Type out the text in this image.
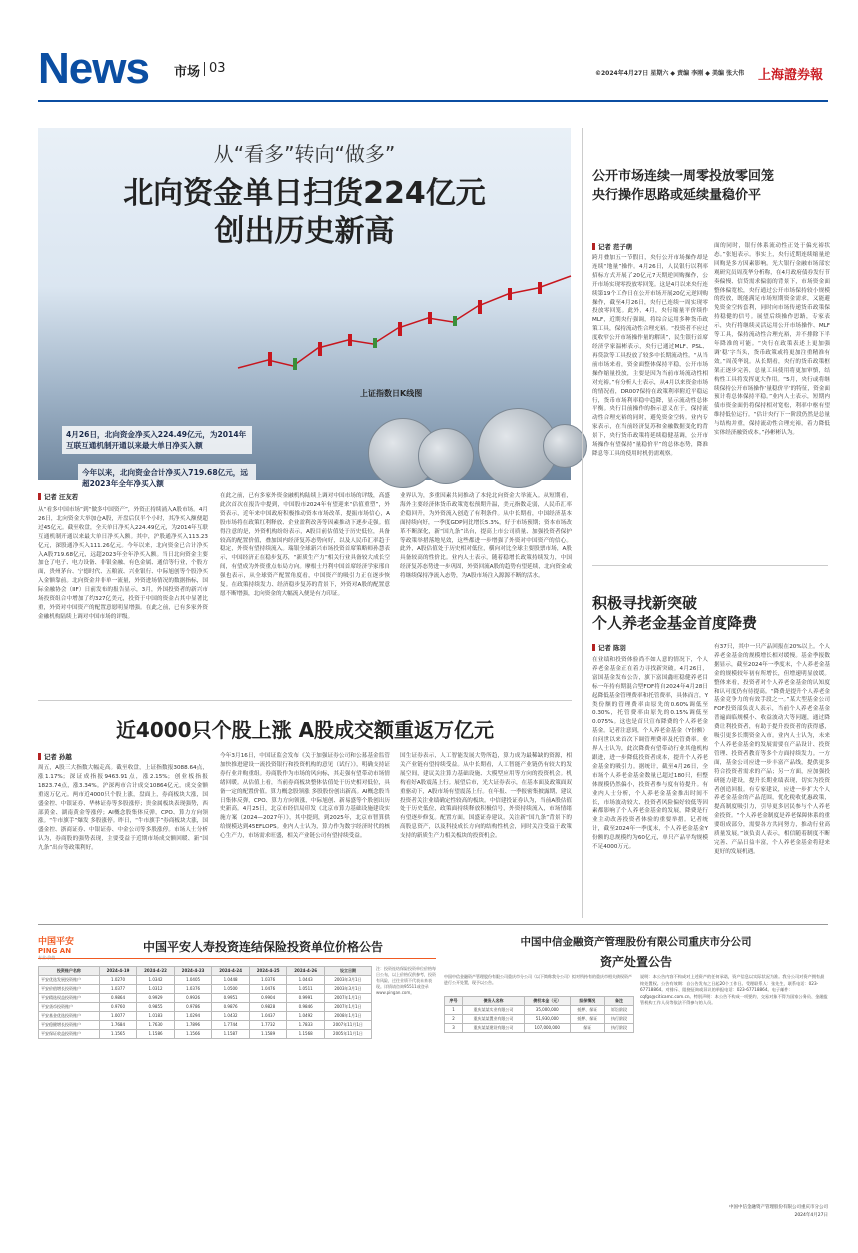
News 市场 03	©2024年4月27日 星期六 ◆ 责编 李刚 ◆ 美编 张大伟 上海證券報
从“看多”转向“做多”
北向资金单日扫货224亿元
创出历史新高
上证指数日K线图
4月26日，北向资金净买入224.49亿元，为2014年互联互通机制开通以来最大单日净买入额
今年以来，北向资金合计净买入719.68亿元，远超2023年全年净买入额
记者 汪友若
从“看多中国市场”到“做多中国资产”，外资正持续涌入A股市场。4月26日，北向资金大举加仓A股，开盘后仅半个小时，其净买入额便超过45亿元。截至收盘，全天单日净买入224.49亿元，为2014年互联互通机制开通以来最大单日净买入额。其中，沪股通净买入113.23亿元，深股通净买入111.26亿元。今年以来，北向资金已合计净买入A股719.68亿元，远超2023年全年净买入额。当日北向资金主要加仓了电子、电力设备、非银金融、有色金属、通信等行业，个股方面，贵州茅台、宁德时代、五粮液、兴业银行、中际旭创等个股净买入金额靠前。北向资金并非单一流量，外资进场情况的数据指标，国际金融协会（IIF）日前发布的报告显示，3月，外国投资者的新兴市场投资组合中增加了约327亿美元，投资于中国的资金占其中显著比重，外资对中国资产的配置意愿明显增强。在此之前，已有多家外资金融机构陆续上调对中国市场的评级。
在此之前，已有多家外资金融机构陆续上调对中国市场的评级，高盛此次首次在报告中提到，中国股市2024年有望迎来“估值重塑”，外资表示，近年来中国政府积极推动资本市场改革，提振市场信心，A股市场将在政策红利释放、企业盈利改善等因素推动下逐步走强。值得注意的是，外资机构纷纷表示，A股目前估值处于历史低位，具备较高的配置价值，叠加国内经济复苏态势向好，以及人民币汇率趋于稳定，外资有望持续流入。瑞银全球新兴市场投资首席策略师孙慧表示，中国经济正在稳步复苏，“新质生产力”相关行业具备较大成长空间，有望成为外资重点布局方向。摩根士丹利中国首席经济学家邢自强也表示，从全球资产配置角度看，中国资产的吸引力正在逐步恢复。在政策持续发力、经济稳步复苏的背景下，外资对A股的配置意愿不断增强，北向资金的大幅流入便是有力印证。
业界认为，多重因素共同推动了本轮北向资金大举流入。从短期看，海外主要经济体货币政策宽松预期升温，美元指数走弱，人民币汇率企稳回升，为外资流入创造了有利条件。从中长期看，中国经济基本面持续向好，一季度GDP同比增长5.3%，好于市场预期；资本市场改革不断深化，新“国九条”出台，提高上市公司质量、加强投资者保护等政策举措落地见效，这些都进一步增强了外资对中国资产的信心。此外，A股估值处于历史相对低位，横向对比全球主要股票市场，A股具备较高的性价比。业内人士表示，随着稳增长政策持续发力，中国经济复苏态势进一步巩固，外资回流A股的趋势有望延续，北向资金或将继续保持净流入态势，为A股市场注入源源不断的活水。
公开市场连续一周零投放零回笼
央行操作思路或延续量稳价平
记者 范子萌
跨月叠加五一节假日，央行公开市场操作却是连续“地量”操作。4月26日，人民银行以利率招标方式开展了20亿元7天期逆回购操作，公开市场实现零投放零回笼。这是4月以来央行连续第19个工作日在公开市场开展20亿元逆回购操作，截至4月26日，央行已连续一周实现零投放零回笼。此外，4月，央行缩量平价续作MLF，近期央行强调，将综合运用多种货币政策工具，保持流动性合理充裕。“投资者不应过度收窄公开市场操作量的解读”，民生银行首席经济学家温彬表示，央行已通过MLF、PSL、再贷款等工具投放了较多中长期流动性。“从当前市场来看，资金面整体保持平稳，公开市场操作缩量投放，主要是因为当前市场流动性相对充裕。”有分析人士表示，从4月以来资金市场的情况看，DR007保持在政策利率附近平稳运行，货币市场利率稳中趋降，显示流动性总体平衡。央行目前操作的指示意义在于，保持流动性合理充裕的同时，避免资金空转。业内专家表示，在当前经济复苏和金融数据变化的背景下，央行货币政策将延续稳健基调，公开市场操作有望保持“量稳价平”的总体态势，降准降息等工具的使用时机仍需观察。
面的同时，银行体系流动性正处于偏充裕状态。”张旭表示。事实上，央行近期连续缩量逆回购是多方因素影响。光大银行金融市场部宏观研究员周茂华分析称，在4月政府债券发行节奏偏慢、信贷需求偏弱的背景下，市场资金面整体偏宽松，央行通过公开市场保持较小规模的投放，既能满足市场短期资金需求，又能避免资金空转套利，同时向市场传递货币政策保持稳健的信号。展望后续操作思路，专家表示，央行将继续灵活运用公开市场操作、MLF等工具，保持流动性合理充裕，并不排除下半年降准的可能。“央行在政策表述上更加强调‘稳’字当头，货币政策或将更加注重精准有效。”周茂华说。从长期看，央行的货币政策框架正逐步完善，总量工具使用将更加审慎，结构性工具将发挥更大作用。“5月，央行或将继续保持公开市场操作‘量稳价平’的特征，资金面预计将总体保持平稳。”业内人士表示，短期内债市资金面仍将保持相对宽松，利率中枢有望维持低位运行。“估计央行下一阶段仍然是总量与结构并重，保持流动性合理充裕，着力降低实体经济融资成本。”孙彬彬认为。
积极寻找新突破
个人养老金基金首度降费
记者 陈羽
在业绩和投资体验尚不如人意的情况下，个人养老金基金正在着力寻找新突破。4月26日，富国基金发布公告，旗下富国鑫旺稳健养老目标一年持有期混合型FOF将自2024年4月28日起降低基金管理费率和托管费率，具体而言，Y类份额的管理费率由原先的0.60%调低至0.30%，托管费率由原先的0.15%调低至0.075%。这也是首只宣布降费的个人养老金基金。记者注意到，个人养老金基金（Y份额）自问世以来首次下调管理费率及托管费率。业界人士认为，此次降费有望带动行业其他机构跟进，进一步降低投资者成本，提升个人养老金基金的吸引力。据统计，截至4月26日，全市场个人养老金基金数量已超过180只，但整体规模仍然偏小，投资者参与度有待提升。有业内人士分析，个人养老金基金推出时间不长，市场波动较大、投资者风险偏好较低等因素都影响了个人养老金基金的发展，降费是行业主动改善投资者体验的重要举措。记者统计，截至2024年一季度末，个人养老金基金Y份额的总规模约为60亿元，单只产品平均规模不足4000万元。
有37只，其中一只产品回报在20%以上。个人养老金基金的规模增长相对缓慢。基金季报数据显示，截至2024年一季度末，个人养老金基金的规模较年初有所增长，但增速明显放缓。整体来看，投资者对个人养老金基金的认知度和认可度仍有待提高。“降费是提升个人养老金基金竞争力的有效手段之一。”某大型基金公司FOF投资部负责人表示，当前个人养老金基金普遍面临规模小、收益波动大等问题，通过降费让利投资者，有助于提升投资者的获得感，吸引更多长期资金入市。业内人士认为，未来个人养老金基金的发展需要在产品设计、投资管理、投资者教育等多个方面持续发力。一方面，基金公司应进一步丰富产品线，提供更多符合投资者需求的产品；另一方面，应加强投研能力建设，提升长期业绩表现，切实为投资者创造回报。有专家建议，应进一步扩大个人养老金基金的产品范围，优化税收优惠政策，提高制度吸引力，引导更多居民参与个人养老金投资。“个人养老金制度是养老保障体系的重要组成部分，需要各方共同努力，推动行业高质量发展。”该负责人表示，相信随着制度不断完善、产品日益丰富，个人养老金基金将迎来更好的发展机遇。
近4000只个股上涨 A股成交额重返万亿元
记者 孙越
周五，A股三大指数大幅走高。截至收盘，上证指数报3088.64点，涨1.17%；深证成指报9463.91点，涨2.15%；创业板指报1823.74点，涨3.34%。沪深两市合计成交10864亿元，成交金额重返万亿元。两市近4000只个股上涨，盘面上，券商板块大涨，国盛金控、中银证券、华林证券等多股涨停；贵金属板块表现强势，西部黄金、湖南黄金等涨停；AI概念股集体反弹，CPO、算力方向领涨。“牛市旗手”爆发 多股涨停。昨日，“牛市旗手”券商板块大涨，国盛金控、浙商证券、中银证券、中金公司等多股涨停。市场人士分析认为，券商股的强势表现，主要受益于近期市场成交额回暖、新“国九条”出台等政策利好。
今年3月16日，中国证监会发布《关于加强证券公司和公募基金监管加快推进建设一流投资银行和投资机构的意见（试行）》，明确支持证券行业并购重组。券商股作为市场的风向标，其走强有望带动市场情绪回暖。从估值上看，当前券商板块整体估值处于历史相对低位，具备一定的配置价值。算力概念股领涨 多股股份创出新高。AI概念股当日集体反弹，CPO、算力方向领涨，中际旭创、新易盛等个股创出历史新高。4月25日，北京市经信局印发《北京市算力基础设施建设实施方案（2024—2027年）》，其中提到，到2025年，北京市智算供给规模达到45EFLOPS。业内人士认为，算力作为数字经济时代的核心生产力，市场需求旺盛，相关产业链公司有望持续受益。
国生证券表示，人工智能发展大势所趋，算力成为最稀缺的资源，相关产业链有望持续受益。从中长期看，人工智能产业链仍有较大的发展空间，建议关注算力基础设施、大模型应用等方向的投资机会。机构看好A股震荡上行。展望后市，光大证券表示，在基本面及政策面双重驱动下，A股市场有望震荡上行。在年报、一季报密集披露期，建议投资者关注业绩确定性较高的板块。中信建投证券认为，当前A股估值处于历史低位，政策面持续释放积极信号，外资持续流入，市场情绪有望逐步修复。配置方面，国盛证券建议，关注新“国九条”背景下的高股息资产，以及科技成长方向的结构性机会，同时关注受益于政策支持的新质生产力相关板块的投资机会。
中国平安
PING AN	中国平安人寿投资连结保险投资单位价格公告
投资账户名称	2024-4-19	2024-4-22	2024-4-23	2024-4-24	2024-4-25	2024-4-26	设立日期
平安优选发展投资账户	1.0270	1.0342	1.0405	1.0448	1.0376	1.0443	2003年3月1日
平安价值增长投资账户	1.0377	1.0312	1.0376	1.0500	1.0476	1.0511	2003年3月1日
平安精选权益投资账户	0.9864	0.9929	0.9926	0.9951	0.9904	0.9991	2007年1月1日
平安货币投资账户	0.9760	0.9855	0.9786	0.9876	0.9828	0.9846	2007年1月1日
平安基金优选投资账户	1.0077	1.0183	1.0294	1.0432	1.0437	1.0492	2008年1月1日
平安稳健增长投资账户	1.7684	1.7630	1.7896	1.7744	1.7732	1.7833	2007年11月1日
平安保证收益投资账户	1.1565	1.1586	1.1566	1.1587	1.1589	1.1568	2005年11月1日
注：投资连结保险投资单位价格每日公布，以上价格仅供参考，投资有风险，过往业绩不代表未来表现。详情请咨询95511或登录www.pingan.com。
中国中信金融资产管理股份有限公司重庆市分公司
资产处置公告
中国中信金融资产管理股份有限公司重庆市分公司（以下简称我分公司）拟对所持有的重庆市相关债权资产进行公开处置，现予以公告。
序号	债务人名称	债权本金（元）	担保情况	备注
1	重庆某某实业有限公司	35,000,000	抵押、保证	诉讼阶段
2	重庆某某置业有限公司	51,930,000	抵押、保证	执行阶段
3	重庆某某建设有限公司	107,000,000	保证	执行阶段
说明：本公告内容不构成对上述资产的任何承诺，资产信息以实际状况为准。我分公司对资产拥有最终处置权。公告有效期：自公告发布之日起20个工作日。受理联系人：张先生，联系电话：023-67718864。对排斥、阻挠征询或异议的举报电话：023-67718864。电子邮件：cqfgs@citicamc.com.cn。特别声明：本公告不构成一项要约，交易对象不得为国家公务员、金融监管机构工作人员等依法不得参与的人员。
中国中信金融资产管理股份有限公司重庆市分公司
2024年4月27日
